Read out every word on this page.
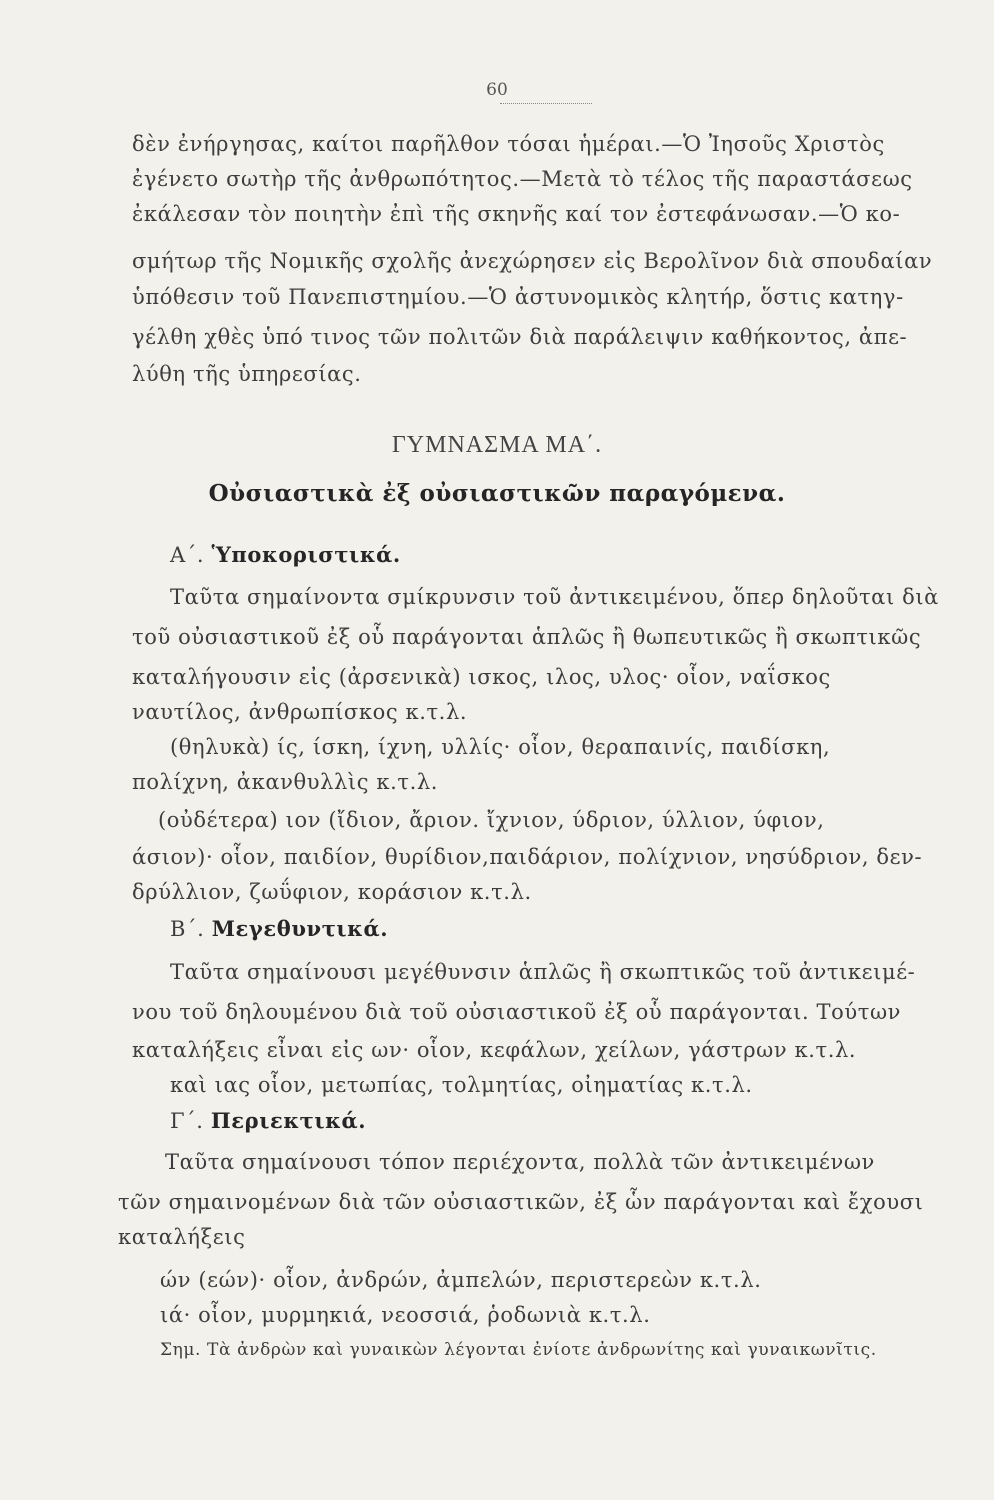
60
δὲν ἐνήργησας, καίτοι παρῆλθον τόσαι ἡμέραι.—Ὁ Ἰησοῦς Χριστὸς
ἐγένετο σωτὴρ τῆς ἀνθρωπότητος.—Μετὰ τὸ τέλος τῆς παραστάσεως
ἐκάλεσαν τὸν ποιητὴν ἐπὶ τῆς σκηνῆς καί τον ἐστεφάνωσαν.—Ὁ κο-
σμήτωρ τῆς Νομικῆς σχολῆς ἀνεχώρησεν εἰς Βερολῖνον διὰ σπουδαίαν
ὑπόθεσιν τοῦ Πανεπιστημίου.—Ὁ ἀστυνομικὸς κλητήρ, ὅστις κατηγ-
γέλθη χθὲς ὑπό τινος τῶν πολιτῶν διὰ παράλειψιν καθήκοντος, ἀπε-
λύθη τῆς ὑπηρεσίας.
ΓΥΜΝΑΣΜΑ ΜΑ΄.
Οὐσιαστικὰ ἐξ οὐσιαστικῶν παραγόμενα.
Α΄. Ὑποκοριστικά.
Ταῦτα σημαίνοντα σμίκρυνσιν τοῦ ἀντικειμένου, ὅπερ δηλοῦται διὰ
τοῦ οὐσιαστικοῦ ἐξ οὗ παράγονται ἁπλῶς ἢ θωπευτικῶς ἢ σκωπτικῶς
καταλήγουσιν εἰς (ἀρσενικὰ) ισκος, ιλος, υλος· οἷον, ναΐσκος
ναυτίλος, ἀνθρωπίσκος κ.τ.λ.
(θηλυκὰ) ίς, ίσκη, ίχνη, υλλίς· οἷον, θεραπαινίς, παιδίσκη,
πολίχνη, ἀκανθυλλὶς κ.τ.λ.
(οὐδέτερα) ιον (ἴδιον, ἄριον. ἴχνιον, ύδριον, ύλλιον, ύφιον,
άσιον)· οἷον, παιδίον, θυρίδιον,παιδάριον, πολίχνιον, νησύδριον, δεν-
δρύλλιον, ζωΰφιον, κοράσιον κ.τ.λ.
Β΄. Μεγεθυντικά.
Ταῦτα σημαίνουσι μεγέθυνσιν ἁπλῶς ἢ σκωπτικῶς τοῦ ἀντικειμέ-
νου τοῦ δηλουμένου διὰ τοῦ οὐσιαστικοῦ ἐξ οὗ παράγονται. Τούτων
καταλήξεις εἶναι εἰς ων· οἷον, κεφάλων, χείλων, γάστρων κ.τ.λ.
καὶ ιας οἷον, μετωπίας, τολμητίας, οἰηματίας κ.τ.λ.
Γ΄. Περιεκτικά.
Ταῦτα σημαίνουσι τόπον περιέχοντα, πολλὰ τῶν ἀντικειμένων
τῶν σημαινομένων διὰ τῶν οὐσιαστικῶν, ἐξ ὧν παράγονται καὶ ἔχουσι
καταλήξεις
ών (εών)· οἷον, ἀνδρών, ἀμπελών, περιστερεὼν κ.τ.λ.
ιά· οἷον, μυρμηκιά, νεοσσιά, ῥοδωνιὰ κ.τ.λ.
Σημ. Τὰ ἀνδρὼν καὶ γυναικὼν λέγονται ἐνίοτε ἀνδρωνίτης καὶ γυναικωνῖτις.
